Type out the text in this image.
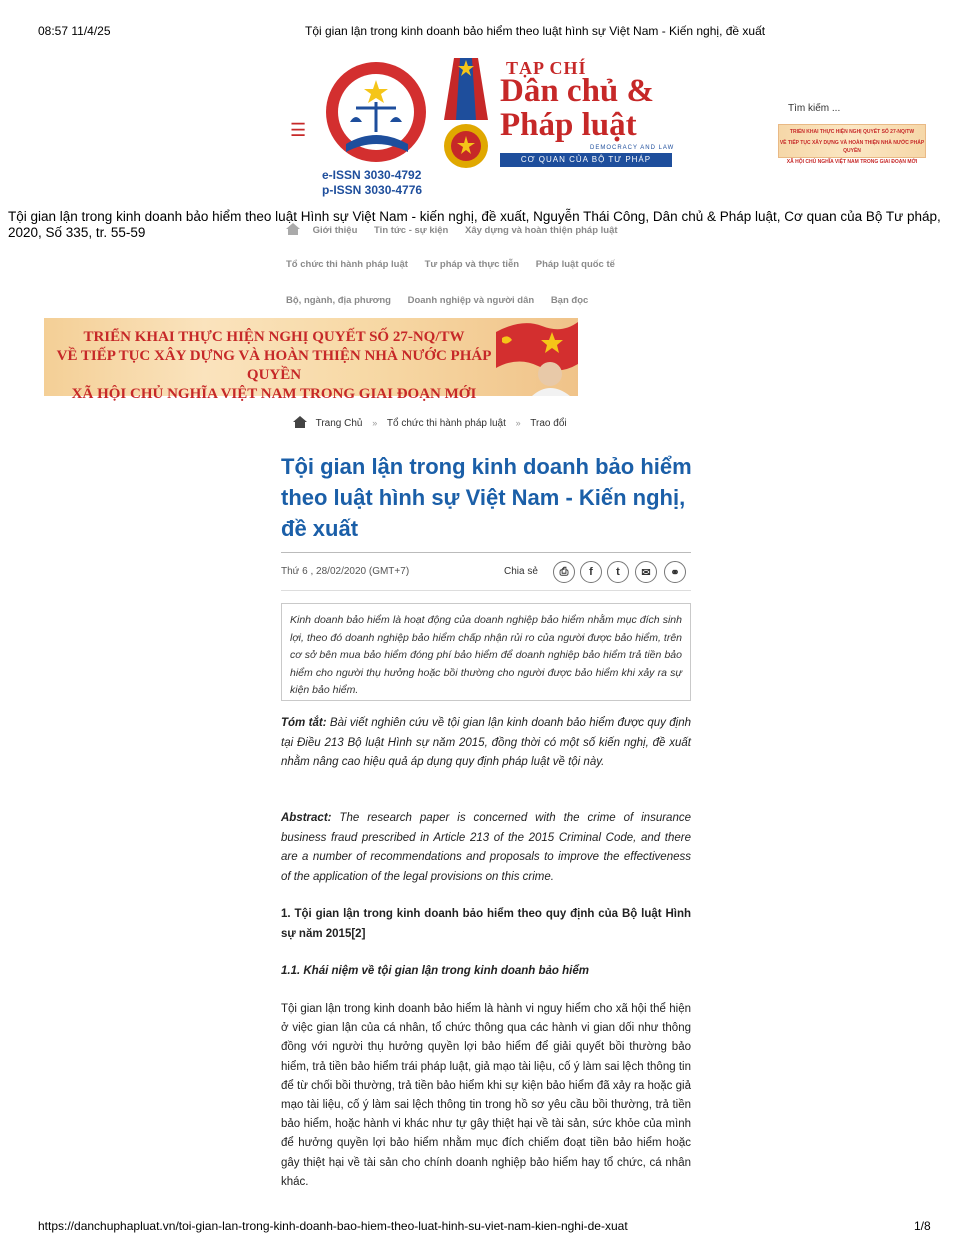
08:57 11/4/25	Tội gian lận trong kinh doanh bảo hiểm theo luật hình sự Việt Nam - Kiến nghị, đề xuất
☰
e-ISSN 3030-4792
p-ISSN 3030-4776
TẠP CHÍ
Dân chủ &
Pháp luật
DEMOCRACY AND LAW
CƠ QUAN CỦA BỘ TƯ PHÁP
Tìm kiếm ...
TRIỂN KHAI THỰC HIỆN NGHỊ QUYẾT SỐ 27-NQ/TW
VỀ TIẾP TỤC XÂY DỰNG VÀ HOÀN THIỆN NHÀ NƯỚC PHÁP QUYỀN
XÃ HỘI CHỦ NGHĨA VIỆT NAM TRONG GIAI ĐOẠN MỚI
Giới thiệu Tin tức - sự kiện Xây dựng và hoàn thiện pháp luật
Tổ chức thi hành pháp luật Tư pháp và thực tiễn Pháp luật quốc tế
Bộ, ngành, địa phương Doanh nghiệp và người dân Bạn đọc
Tội gian lận trong kinh doanh bảo hiểm theo luật Hình sự Việt Nam - kiến nghị, đề xuất, Nguyễn Thái Công, Dân chủ & Pháp luật, Cơ quan của Bộ Tư pháp, 2020, Số 335, tr. 55-59
TRIỂN KHAI THỰC HIỆN NGHỊ QUYẾT SỐ 27-NQ/TW
VỀ TIẾP TỤC XÂY DỰNG VÀ HOÀN THIỆN NHÀ NƯỚC PHÁP QUYỀN
XÃ HỘI CHỦ NGHĨA VIỆT NAM TRONG GIAI ĐOẠN MỚI
Trang Chủ » Tổ chức thi hành pháp luật » Trao đổi
Tội gian lận trong kinh doanh bảo hiểm theo luật hình sự Việt Nam - Kiến nghị, đề xuất
Thứ 6 , 28/02/2020 (GMT+7)	Chia sẻ	⎙	f	t	✉	⚭
Kinh doanh bảo hiểm là hoạt động của doanh nghiệp bảo hiểm nhằm mục đích sinh lợi, theo đó doanh nghiệp bảo hiểm chấp nhận rủi ro của người được bảo hiểm, trên cơ sở bên mua bảo hiểm đóng phí bảo hiểm để doanh nghiệp bảo hiểm trả tiền bảo hiểm cho người thụ hưởng hoặc bồi thường cho người được bảo hiểm khi xảy ra sự kiện bảo hiểm.
Tóm tắt: Bài viết nghiên cứu về tội gian lận kinh doanh bảo hiểm được quy định tại Điều 213 Bộ luật Hình sự năm 2015, đồng thời có một số kiến nghị, đề xuất nhằm nâng cao hiệu quả áp dụng quy định pháp luật về tội này.
Abstract: The research paper is concerned with the crime of insurance business fraud prescribed in Article 213 of the 2015 Criminal Code, and there are a number of recommendations and proposals to improve the effectiveness of the application of the legal provisions on this crime.
1. Tội gian lận trong kinh doanh bảo hiểm theo quy định của Bộ luật Hình sự năm 2015[2]
1.1. Khái niệm về tội gian lận trong kinh doanh bảo hiểm
Tội gian lận trong kinh doanh bảo hiểm là hành vi nguy hiểm cho xã hội thể hiện ở việc gian lận của cá nhân, tổ chức thông qua các hành vi gian dối như thông đồng với người thụ hưởng quyền lợi bảo hiểm để giải quyết bồi thường bảo hiểm, trả tiền bảo hiểm trái pháp luật, giả mạo tài liệu, cố ý làm sai lệch thông tin để từ chối bồi thường, trả tiền bảo hiểm khi sự kiện bảo hiểm đã xảy ra hoặc giả mạo tài liệu, cố ý làm sai lệch thông tin trong hồ sơ yêu cầu bồi thường, trả tiền bảo hiểm, hoặc hành vi khác như tự gây thiệt hại về tài sản, sức khỏe của mình để hưởng quyền lợi bảo hiểm nhằm mục đích chiếm đoạt tiền bảo hiểm hoặc gây thiệt hại về tài sản cho chính doanh nghiệp bảo hiểm hay tổ chức, cá nhân khác.
https://danchuphapluat.vn/toi-gian-lan-trong-kinh-doanh-bao-hiem-theo-luat-hinh-su-viet-nam-kien-nghi-de-xuat	1/8
